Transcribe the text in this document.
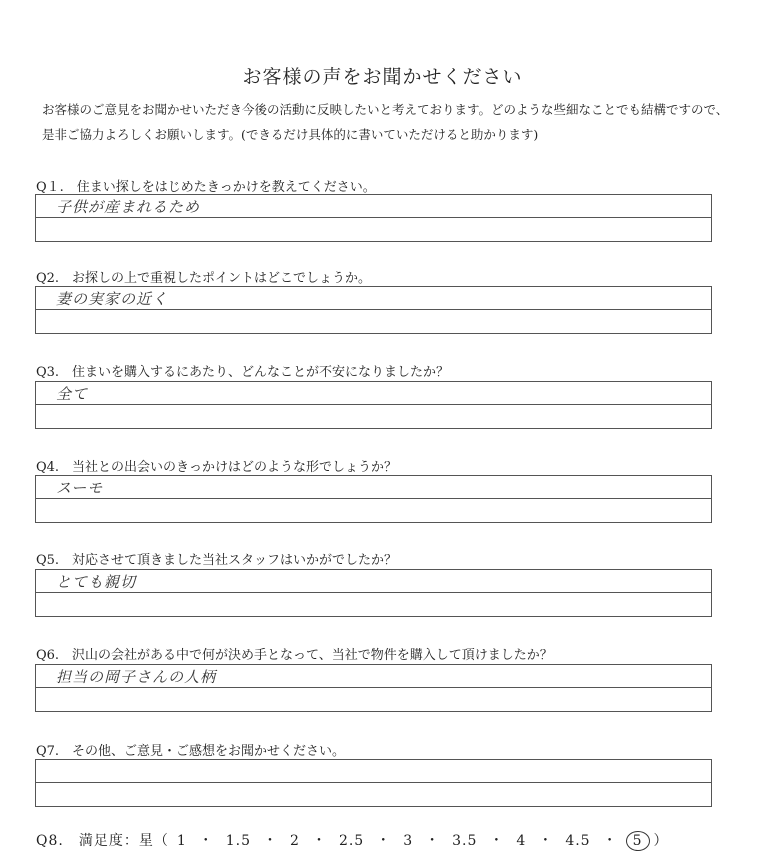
お客様の声をお聞かせください
お客様のご意見をお聞かせいただき今後の活動に反映したいと考えております。どのような些細なことでも結構ですので、是非ご協力よろしくお願いします。(できるだけ具体的に書いていただけると助かります)
Q１.　住まい探しをはじめたきっかけを教えてください。
子供が産まれるため
Q2.　お探しの上で重視したポイントはどこでしょうか。
妻の実家の近く
Q3.　住まいを購入するにあたり、どんなことが不安になりましたか？
全て
Q4.　当社との出会いのきっかけはどのような形でしょうか？
スーモ
Q5.　対応させて頂きました当社スタッフはいかがでしたか？
とても親切
Q6.　沢山の会社がある中で何が決め手となって、当社で物件を購入して頂けましたか？
担当の岡子さんの人柄
Q7.　その他、ご意見・ご感想をお聞かせください。
Q8.　満足度：星（ 1 ・ 1.5 ・ 2 ・ 2.5 ・ 3 ・ 3.5 ・ 4 ・ 4.5 ・ 5 ）
